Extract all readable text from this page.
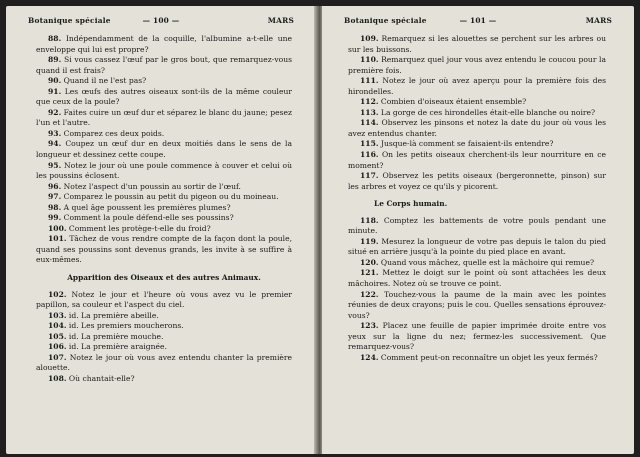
Botanique spéciale	— 100 —	MARS
88. Indépendamment de la coquille, l'albumine a-t-elle une enveloppe qui lui est propre?
89. Si vous cassez l'œuf par le gros bout, que remarquez-vous quand il est frais?
90. Quand il ne l'est pas?
91. Les œufs des autres oiseaux sont-ils de la même couleur que ceux de la poule?
92. Faites cuire un œuf dur et séparez le blanc du jaune; pesez l'un et l'autre.
93. Comparez ces deux poids.
94. Coupez un œuf dur en deux moitiés dans le sens de la longueur et dessinez cette coupe.
95. Notez le jour où une poule commence à couver et celui où les poussins éclosent.
96. Notez l'aspect d'un poussin au sortir de l'œuf.
97. Comparez le poussin au petit du pigeon ou du moineau.
98. A quel âge poussent les premières plumes?
99. Comment la poule défend-elle ses poussins?
100. Comment les protège-t-elle du froid?
101. Tâchez de vous rendre compte de la façon dont la poule, quand ses poussins sont devenus grands, les invite à se suffire à eux-mêmes.
Apparition des Oiseaux et des autres Animaux.
102. Notez le jour et l'heure où vous avez vu le premier papillon, sa couleur et l'aspect du ciel.
103. id. La première abeille.
104. id. Les premiers moucherons.
105. id. La première mouche.
106. id. La première araignée.
107. Notez le jour où vous avez entendu chanter la première alouette.
108. Où chantait-elle?
Botanique spéciale	— 101 —	MARS
109. Remarquez si les alouettes se perchent sur les arbres ou sur les buissons.
110. Remarquez quel jour vous avez entendu le coucou pour la première fois.
111. Notez le jour où avez aperçu pour la première fois des hirondelles.
112. Combien d'oiseaux étaient ensemble?
113. La gorge de ces hirondelles était-elle blanche ou noire?
114. Observez les pinsons et notez la date du jour où vous les avez entendus chanter.
115. Jusque-là comment se faisaient-ils entendre?
116. On les petits oiseaux cherchent-ils leur nourriture en ce moment?
117. Observez les petits oiseaux (bergeronnette, pinson) sur les arbres et voyez ce qu'ils y picorent.
Le Corps humain.
118. Comptez les battements de votre pouls pendant une minute.
119. Mesurez la longueur de votre pas depuis le talon du pied situé en arrière jusqu'à la pointe du pied place en avant.
120. Quand vous mâchez, quelle est la mâchoire qui remue?
121. Mettez le doigt sur le point où sont attachées les deux mâchoires. Notez où se trouve ce point.
122. Touchez-vous la paume de la main avec les pointes réunies de deux crayons; puis le cou. Quelles sensations éprouvez-vous?
123. Placez une feuille de papier imprimée droite entre vos yeux sur la ligne du nez; fermez-les successivement. Que remarquez-vous?
124. Comment peut-on reconnaître un objet les yeux fermés?
